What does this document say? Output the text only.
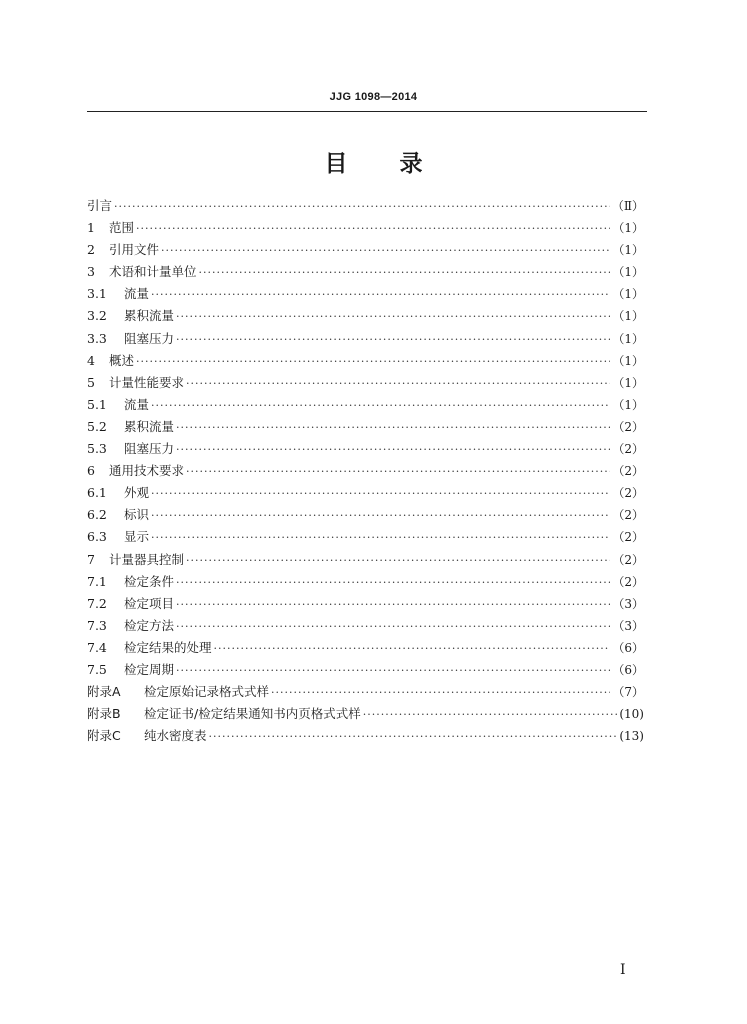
JJG 1098—2014
目 录
引言 ·····	（Ⅱ）
1	范围 ·····	（1）
2	引用文件 ·····	（1）
3	术语和计量单位 ·····	（1）
3.1	流量 ·····	（1）
3.2	累积流量 ·····	（1）
3.3	阻塞压力 ·····	（1）
4	概述 ·····	（1）
5	计量性能要求 ·····	（1）
5.1	流量 ·····	（1）
5.2	累积流量 ·····	（2）
5.3	阻塞压力 ·····	（2）
6	通用技术要求 ·····	（2）
6.1	外观 ·····	（2）
6.2	标识 ·····	（2）
6.3	显示 ·····	（2）
7	计量器具控制 ·····	（2）
7.1	检定条件 ·····	（2）
7.2	检定项目 ·····	（3）
7.3	检定方法 ·····	（3）
7.4	检定结果的处理 ·····	（6）
7.5	检定周期 ·····	（6）
附录A	检定原始记录格式式样 ·····	（7）
附录B	检定证书/检定结果通知书内页格式式样 ·····	(10)
附录C	纯水密度表 ·····	(13)
I
